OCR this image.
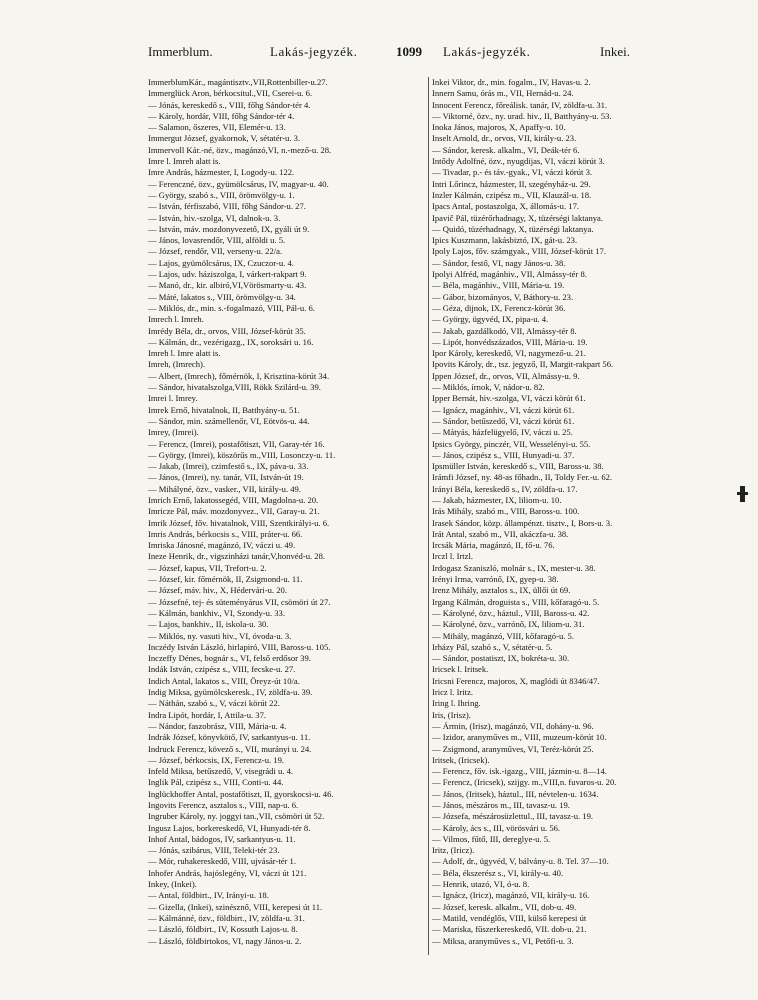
Immerblum.	Lakás-jegyzék.	1099 Lakás-jegyzék.	Inkei.
ImmerblumKár., magántisztv.,VII,Rottenbiller-u.27.
Immerglück Aron, bérkocsitul.,VII, Cserei-u. 6.
— Jónás, kereskedő s., VIII, főhg Sándor-tér 4.
— Károly, hordár, VIII, főhg Sándor-tér 4.
— Salamon, őszeres, VII, Elemér-u. 13.
Immergut József, gyakornok, V, sétatér-u. 3.
Immervoll Kár.-né, özv., magánzó,VI, n.-mező-u. 28.
Imre l. Imreh alatt is.
Imre András, házmester, I, Logody-u. 122.
— Ferenczné, özv., gyümölcsárus, IV, magyar-u. 40.
— György, szabó s., VIII, örömvölgy-u. 1.
— István, férfiszabó, VIII, főhg Sándor-u. 27.
— István, hiv.-szolga, VI, dalnok-u. 3.
— István, máv. mozdonyvezető, IX, gyáli út 9.
— János, lovasrendőr, VIII, alföldi u. 5.
— József, rendőr, VII, verseny-u. 22/a.
— Lajos, gyümölcsárus, IX, Czuczor-u. 4.
— Lajos, udv. háziszolga, I, várkert-rakpart 9.
— Manó, dr., kir. albiró,VI,Vörösmarty-u. 43.
— Máté, lakatos s., VIII, örömvölgy-u. 34.
— Miklós, dr., min. s.-fogalmazó, VIII, Pál-u. 6.
Imrech l. Imreh.
Imrédy Béla, dr., orvos, VIII, József-körút 35.
— Kálmán, dr., vezérigazg., IX, soroksári u. 16.
Imreh l. Imre alatt is.
Imreh, (Imrech).
— Albert, (Imrech), főmérnök, I, Krisztina-körút 34.
— Sándor, hivatalszolga,VIII, Rökk Szilárd-u. 39.
Imrei l. Imrey.
Imrek Ernő, hivatalnok, II, Batthyány-u. 51.
— Sándor, min. számellenőr, VI, Eötvös-u. 44.
Imrey, (Imrei).
— Ferencz, (Imrei), postafőtiszt, VII, Garay-tér 16.
— György, (Imrei), köszörűs m.,VIII, Losonczy-u. 11.
— Jakab, (Imrei), czimfestő s., IX, páva-u. 33.
— János, (Imrei), ny. tanár, VII, István-út 19.
— Mihályné, özv., vasker., VII, király-u. 49.
Imrich Ernő, lakatossegéd, VIII, Magdolna-u. 20.
Imricze Pál, máv. mozdonyvez., VII, Garay-u. 21.
Imrik József, főv. hivatalnok, VIII, Szentkirályi-u. 6.
Imris András, bérkocsis s., VIII, práter-u. 66.
Imriska Jánosné, magánzó, IV, váczi u. 49.
Ineze Henrik, dr., vigszinházi tanár,V,honvéd-u. 28.
— József, kapus, VII, Trefort-u. 2.
— József, kir. főmérnök, II, Zsigmond-u. 11.
— József, máv. hiv., X, Hédervári-u. 20.
— Józsefné, tej- és süteményárus VII, csömöri út 27.
— Kálmán, bankhiv., VI, Szondy-u. 33.
— Lajos, bankhiv., II, iskola-u. 30.
— Miklós, ny. vasuti hiv., VI, óvoda-u. 3.
Inczédy István László, hirlapiró, VIII, Baross-u. 105.
Inczeffy Dénes, bognár s., VI, felső erdősor 39.
Indák István, czipész s., VIII, fecske-u. 27.
Indich Antal, lakatos s., VIII, Öreyz-út 10/a.
Indig Miksa, gyümölcskeresk., IV, zöldfa-u. 39.
— Náthán, szabó s., V, váczi körút 22.
Indra Lipót, hordár, I, Attila-u. 37.
— Nándor, faszobrász, VIII, Mária-u. 4.
Indrák József, könyvkötő, IV, sarkantyus-u. 11.
Indruck Ferencz, kövező s., VII, murányi u. 24.
— József, bérkocsis, IX, Ferencz-u. 19.
Infeld Miksa, betűszedő, V, visegrádi u. 4.
Inglik Pál, czipész s., VIII, Conti-u. 44.
Inglückhoffer Antal, postafőtiszt, II, gyorskocsi-u. 46.
Ingovits Ferencz, asztalos s., VIII, nap-u. 6.
Ingruber Károly, ny. joggyi tan.,VII, csömöri út 52.
Ingusz Lajos, borkereskedő, VI, Hunyadi-tér 8.
Inhof Antal, bádogos, IV, sarkantyus-u. 11.
— Jónás, szibárus, VIII, Teleki-tér 23.
— Mór, ruhakereskedő, VIII, ujvásár-tér 1.
Inhofer András, hajóslegény, VI, váczi út 121.
Inkey, (Inkei).
— Antal, földbirt., IV, Irányi-u. 18.
— Gizella, (Inkei), szinésznő, VIII, kerepesi út 11.
— Kálmánné, özv., földbirt., IV, zöldfa-u. 31.
— László, földbirt., IV, Kossuth Lajos-u. 8.
— László, földbirtokos, VI, nagy János-u. 2.
Inkei Viktor, dr., min. fogalm., IV, Havas-u. 2.
Innern Samu, órás m., VII, Hernád-u. 24.
Innocent Ferencz, főreálisk. tanár, IV, zöldfa-u. 31.
— Viktorné, özv., ny. urad. hiv., II, Batthyány-u. 53.
Inoka János, majoros, X, Apaffy-u. 10.
Inselt Arnold, dr., orvos, VII, király-u. 23.
— Sándor, keresk. alkalm., VI, Deák-tér 6.
Intődy Adolfné, özv., nyugdijas, VI, váczi körút 3.
— Tivadar, p.- és táv.-gyak., VI, váczi körút 3.
Intri Lőrincz, házmester, II, szegényház-u. 29.
Inzler Kálmán, czipész m., VII, Klauzál-u. 18.
Ipacs Antal, postaszolga, X, állomás-u. 17.
Ipavič Pál, tüzérőrhadnagy, X, tüzérségi laktanya.
— Quidó, tüzérhadnagy, X, tüzérségi laktanya.
Ipics Kuszmann, lakásbiztó, IX, gát-u. 23.
Ipoly Lajos, főv. számgyak., VIII, József-körút 17.
— Sándor, festő, VI, nagy János-u. 38.
Ipolyi Alfréd, magánhiv., VII, Almássy-tér 8.
— Béla, magánhiv., VIII, Mária-u. 19.
— Gábor, bizományos, V, Báthory-u. 23.
— Géza, dijnok, IX, Ferencz-körút 36.
— György, ügyvéd, IX, pipa-u. 4.
— Jakab, gazdálkodó, VII, Almássy-tér 8.
— Lipót, honvédszázados, VIII, Mária-u. 19.
Ipor Károly, kereskedő, VI, nagymező-u. 21.
Ipovits Károly, dr., tsz. jegyző, II, Margit-rakpart 56.
Ippen József, dr., orvos, VII, Almássy-u. 9.
— Miklós, írnok, V, nádor-u. 82.
Ipper Bernát, hiv.-szolga, VI, váczi körút 61.
— Ignácz, magánhiv., VI, váczi körút 61.
— Sándor, betűszedő, VI, váczi körút 61.
— Mátyás, házfelügyelő, IV, váczi u. 25.
Ipsics György, pinczér, VII, Wesselényi-u. 55.
— János, czipész s., VIII, Hunyadi-u. 37.
Ipsmüller István, kereskedő s., VIII, Baross-u. 38.
Irámfi József, ny. 48-as főhadn., II, Toldy Fer.-u. 62.
Irányi Béla, kereskedő s., IV, zöldfa-u. 17.
— Jakab, házmester, IX, liliom-u. 10.
Irás Mihály, szabó m., VIII, Baross-u. 100.
Irasek Sándor, közp. állampénzt. tisztv., I, Bors-u. 3.
Irát Antal, szabó m., VII, akáczfa-u. 38.
Ircsák Mária, magánzó, II, fő-u. 76.
Irczl l. Irtzl.
Irdogasz Szaniszló, molnár s., IX, mester-u. 38.
Irényi Irma, varrónő, IX, gyep-u. 38.
Irenz Mihály, asztalos s., IX, üllői út 69.
Irgang Kálmán, droguista s., VIII, kőfaragó-u. 5.
— Károlyné, özv., háztul., VIII, Baross-u. 42.
— Károlyné, özv., varrónő, IX, liliom-u. 31.
— Mihály, magánzó, VIII, kőfaragó-u. 5.
Irházy Pál, szabó s., V, sétatér-u. 5.
— Sándor, postatiszt, IX, bokréta-u. 30.
Iricsek l. Iritsek.
Iricsni Ferencz, majoros, X, maglódi út 8346/47.
Iricz l. Iritz.
Iring l. Ihring.
Iris, (Irisz).
— Ármin, (Irisz), magánzó, VII, dohány-u. 96.
— Izidor, aranyműves m., VIII, muzeum-körút 10.
— Zsigmond, aranyműves, VI, Teréz-körút 25.
Iritsek, (Iricsek).
— Ferencz, főv. isk.-igazg., VIII, jázmin-u. 8—14.
— Ferencz, (Iricsek), szijgy. m.,VIII,n. fuvaros-u. 20.
— János, (Iritsek), háztul., III, névtelen-u. 1634.
— János, mészáros m., III, tavasz-u. 19.
— Józsefa, mészárosüzlettul., III, tavasz-u. 19.
— Károly, ács s., III, vörösvári u. 56.
— Vilmos, fűtő, III, dereglye-u. 5.
Iritz, (Iricz).
— Adolf, dr., ügyvéd, V, bálvány-u. 8. Tel. 37—10.
— Béla, ékszerész s., VI, király-u. 40.
— Henrik, utazó, VI, ó-u. 8.
— Ignácz, (Iricz), magánzó, VII, király-u. 16.
— József, keresk. alkalm., VII, dob-u. 49.
— Matild, vendéglős, VIII, külső kerepesi út
— Mariska, fűszerkereskedő, VII. dob-u. 21.
— Miksa, aranyműves s., VI, Petőfi-u. 3.
